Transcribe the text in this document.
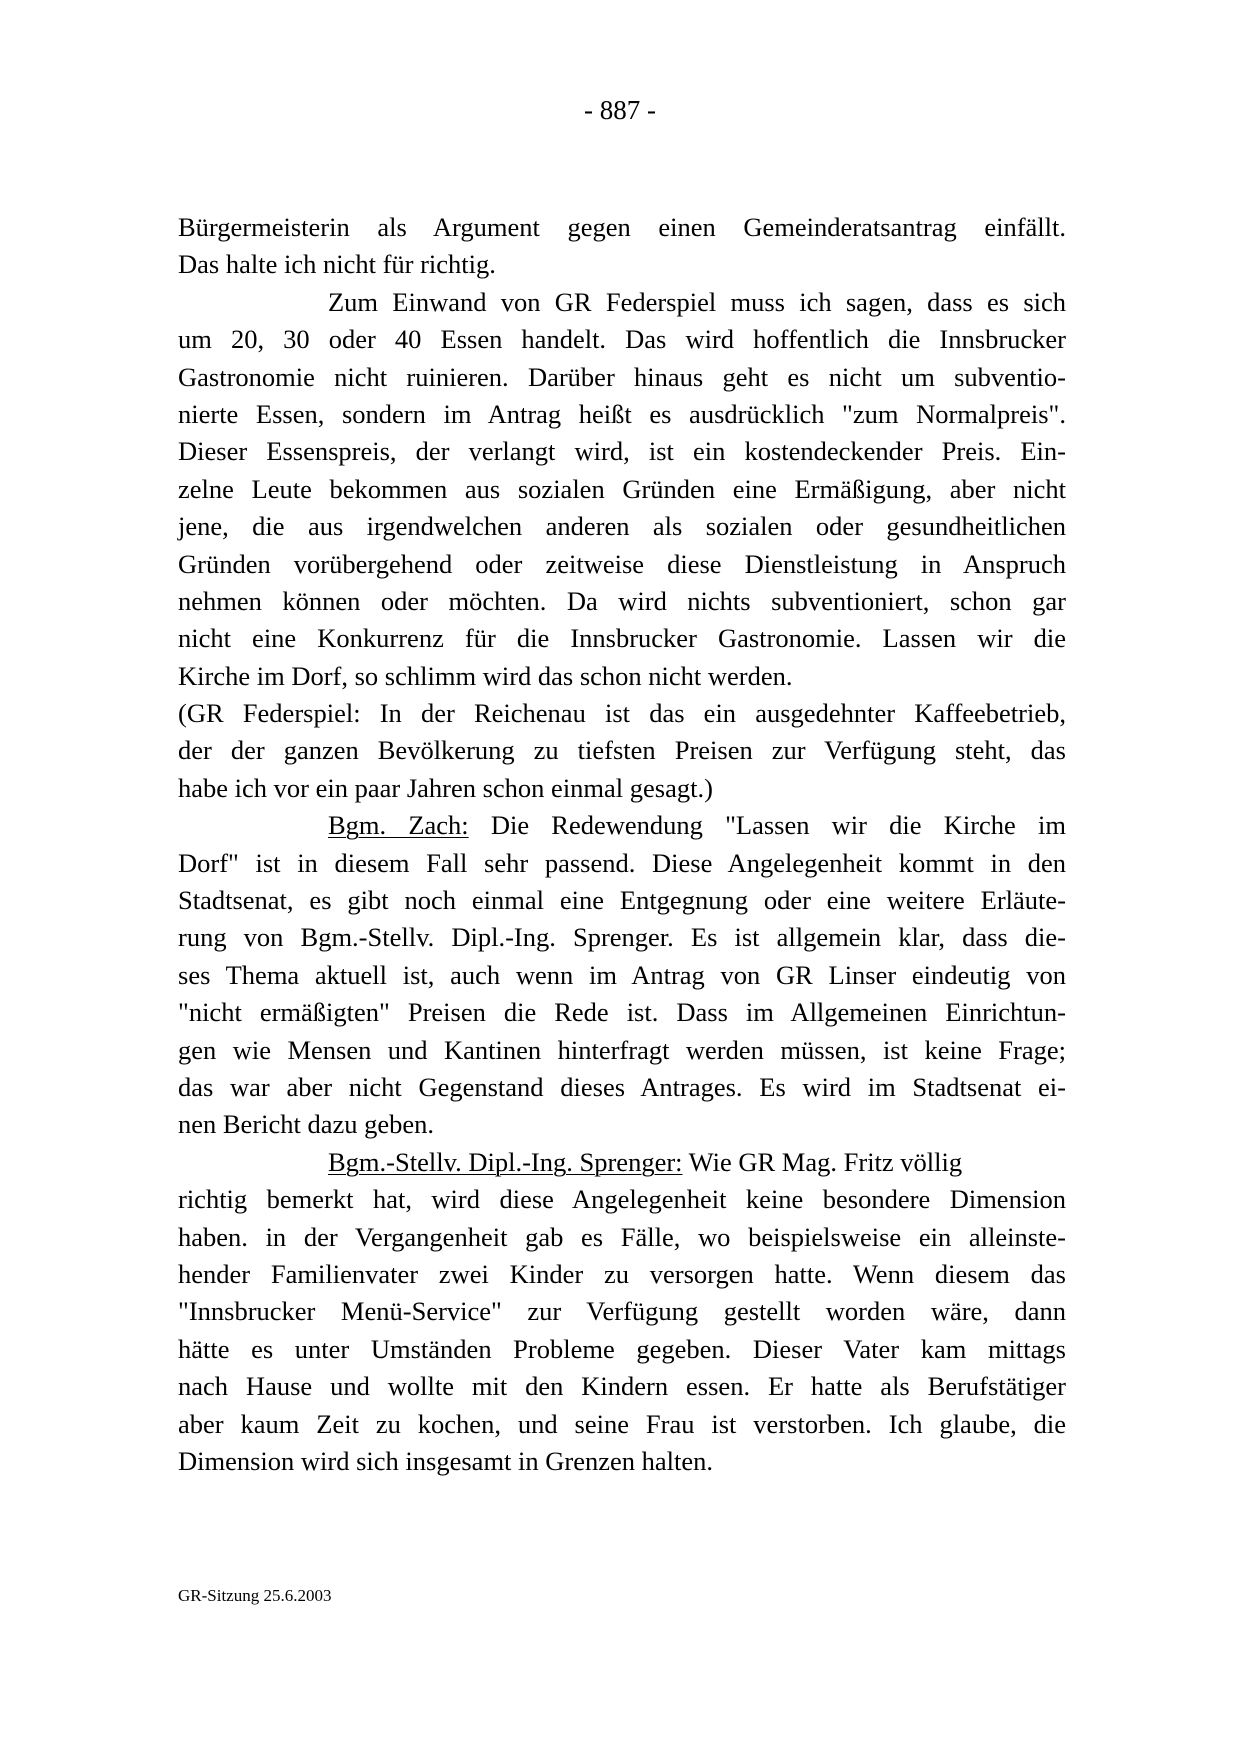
- 887 -
Bürgermeisterin als Argument gegen einen Gemeinderatsantrag einfällt.
Das halte ich nicht für richtig.
Zum Einwand von GR Federspiel muss ich sagen, dass es sich
um 20, 30 oder 40 Essen handelt. Das wird hoffentlich die Innsbrucker
Gastronomie nicht ruinieren. Darüber hinaus geht es nicht um subventio-
nierte Essen, sondern im Antrag heißt es ausdrücklich "zum Normalpreis".
Dieser Essenspreis, der verlangt wird, ist ein kostendeckender Preis. Ein-
zelne Leute bekommen aus sozialen Gründen eine Ermäßigung, aber nicht
jene, die aus irgendwelchen anderen als sozialen oder gesundheitlichen
Gründen vorübergehend oder zeitweise diese Dienstleistung in Anspruch
nehmen können oder möchten. Da wird nichts subventioniert, schon gar
nicht eine Konkurrenz für die Innsbrucker Gastronomie. Lassen wir die
Kirche im Dorf, so schlimm wird das schon nicht werden.
(GR Federspiel: In der Reichenau ist das ein ausgedehnter Kaffeebetrieb,
der der ganzen Bevölkerung zu tiefsten Preisen zur Verfügung steht, das
habe ich vor ein paar Jahren schon einmal gesagt.)
Bgm. Zach: Die Redewendung "Lassen wir die Kirche im
Dorf" ist in diesem Fall sehr passend. Diese Angelegenheit kommt in den
Stadtsenat, es gibt noch einmal eine Entgegnung oder eine weitere Erläute-
rung von Bgm.-Stellv. Dipl.-Ing. Sprenger. Es ist allgemein klar, dass die-
ses Thema aktuell ist, auch wenn im Antrag von GR Linser eindeutig von
"nicht ermäßigten" Preisen die Rede ist. Dass im Allgemeinen Einrichtun-
gen wie Mensen und Kantinen hinterfragt werden müssen, ist keine Frage;
das war aber nicht Gegenstand dieses Antrages. Es wird im Stadtsenat ei-
nen Bericht dazu geben.
Bgm.-Stellv. Dipl.-Ing. Sprenger: Wie GR Mag. Fritz völlig
richtig bemerkt hat, wird diese Angelegenheit keine besondere Dimension
haben. in der Vergangenheit gab es Fälle, wo beispielsweise ein alleinste-
hender Familienvater zwei Kinder zu versorgen hatte. Wenn diesem das
"Innsbrucker Menü-Service" zur Verfügung gestellt worden wäre, dann
hätte es unter Umständen Probleme gegeben. Dieser Vater kam mittags
nach Hause und wollte mit den Kindern essen. Er hatte als Berufstätiger
aber kaum Zeit zu kochen, und seine Frau ist verstorben. Ich glaube, die
Dimension wird sich insgesamt in Grenzen halten.
GR-Sitzung 25.6.2003
